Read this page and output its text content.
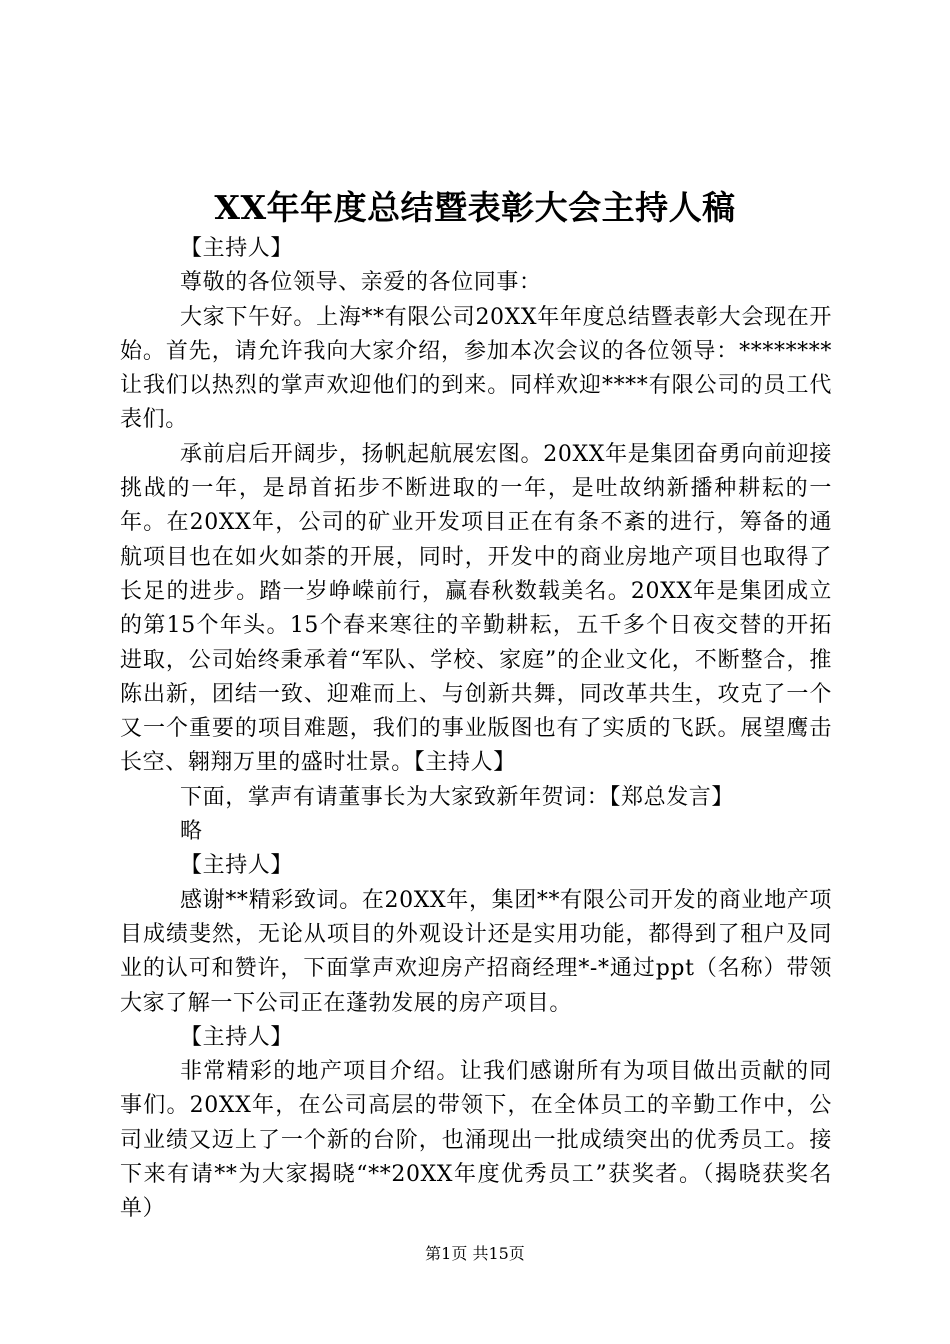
XX年年度总结暨表彰大会主持人稿

【主持人】

尊敬的各位领导、亲爱的各位同事：

大家下午好。上海**有限公司20XX年年度总结暨表彰大会现在开始。首先，请允许我向大家介绍，参加本次会议的各位领导：********让我们以热烈的掌声欢迎他们的到来。同样欢迎****有限公司的员工代表们。

承前启后开阔步，扬帆起航展宏图。20XX年是集团奋勇向前迎接挑战的一年，是昂首拓步不断进取的一年，是吐故纳新播种耕耘的一年。在20XX年，公司的矿业开发项目正在有条不紊的进行，筹备的通航项目也在如火如荼的开展，同时，开发中的商业房地产项目也取得了长足的进步。踏一岁峥嵘前行，赢春秋数载美名。20XX年是集团成立的第15个年头。15个春来寒往的辛勤耕耘，五千多个日夜交替的开拓进取，公司始终秉承着“军队、学校、家庭”的企业文化，不断整合，推陈出新，团结一致、迎难而上、与创新共舞，同改革共生，攻克了一个又一个重要的项目难题，我们的事业版图也有了实质的飞跃。展望鹰击长空、翱翔万里的盛时壮景。【主持人】

下面，掌声有请董事长为大家致新年贺词：【郑总发言】

略

【主持人】

感谢**精彩致词。在20XX年，集团**有限公司开发的商业地产项目成绩斐然，无论从项目的外观设计还是实用功能，都得到了租户及同业的认可和赞许，下面掌声欢迎房产招商经理*-*通过ppt（名称）带领大家了解一下公司正在蓬勃发展的房产项目。

【主持人】

非常精彩的地产项目介绍。让我们感谢所有为项目做出贡献的同事们。20XX年，在公司高层的带领下，在全体员工的辛勤工作中，公司业绩又迈上了一个新的台阶，也涌现出一批成绩突出的优秀员工。接下来有请**为大家揭晓“**20XX年度优秀员工”获奖者。（揭晓获奖名单）

第1页 共15页
